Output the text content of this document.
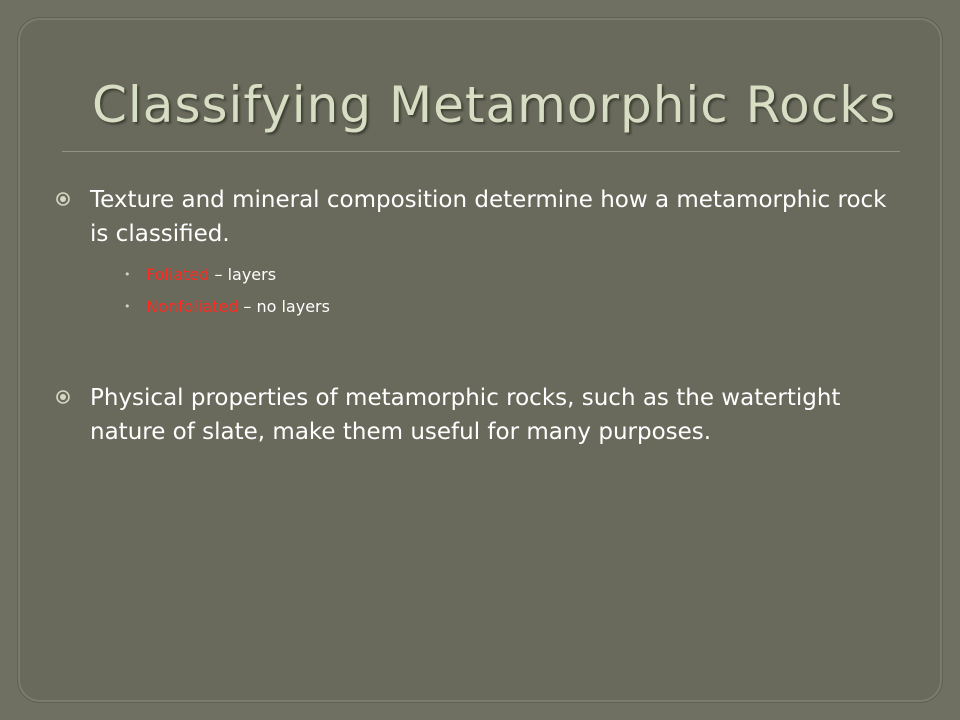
Classifying Metamorphic Rocks
Texture and mineral composition determine how a metamorphic rock is classified.
• Foliated – layers
• Nonfoliated – no layers
Physical properties of metamorphic rocks, such as the watertight nature of slate, make them useful for many purposes.
